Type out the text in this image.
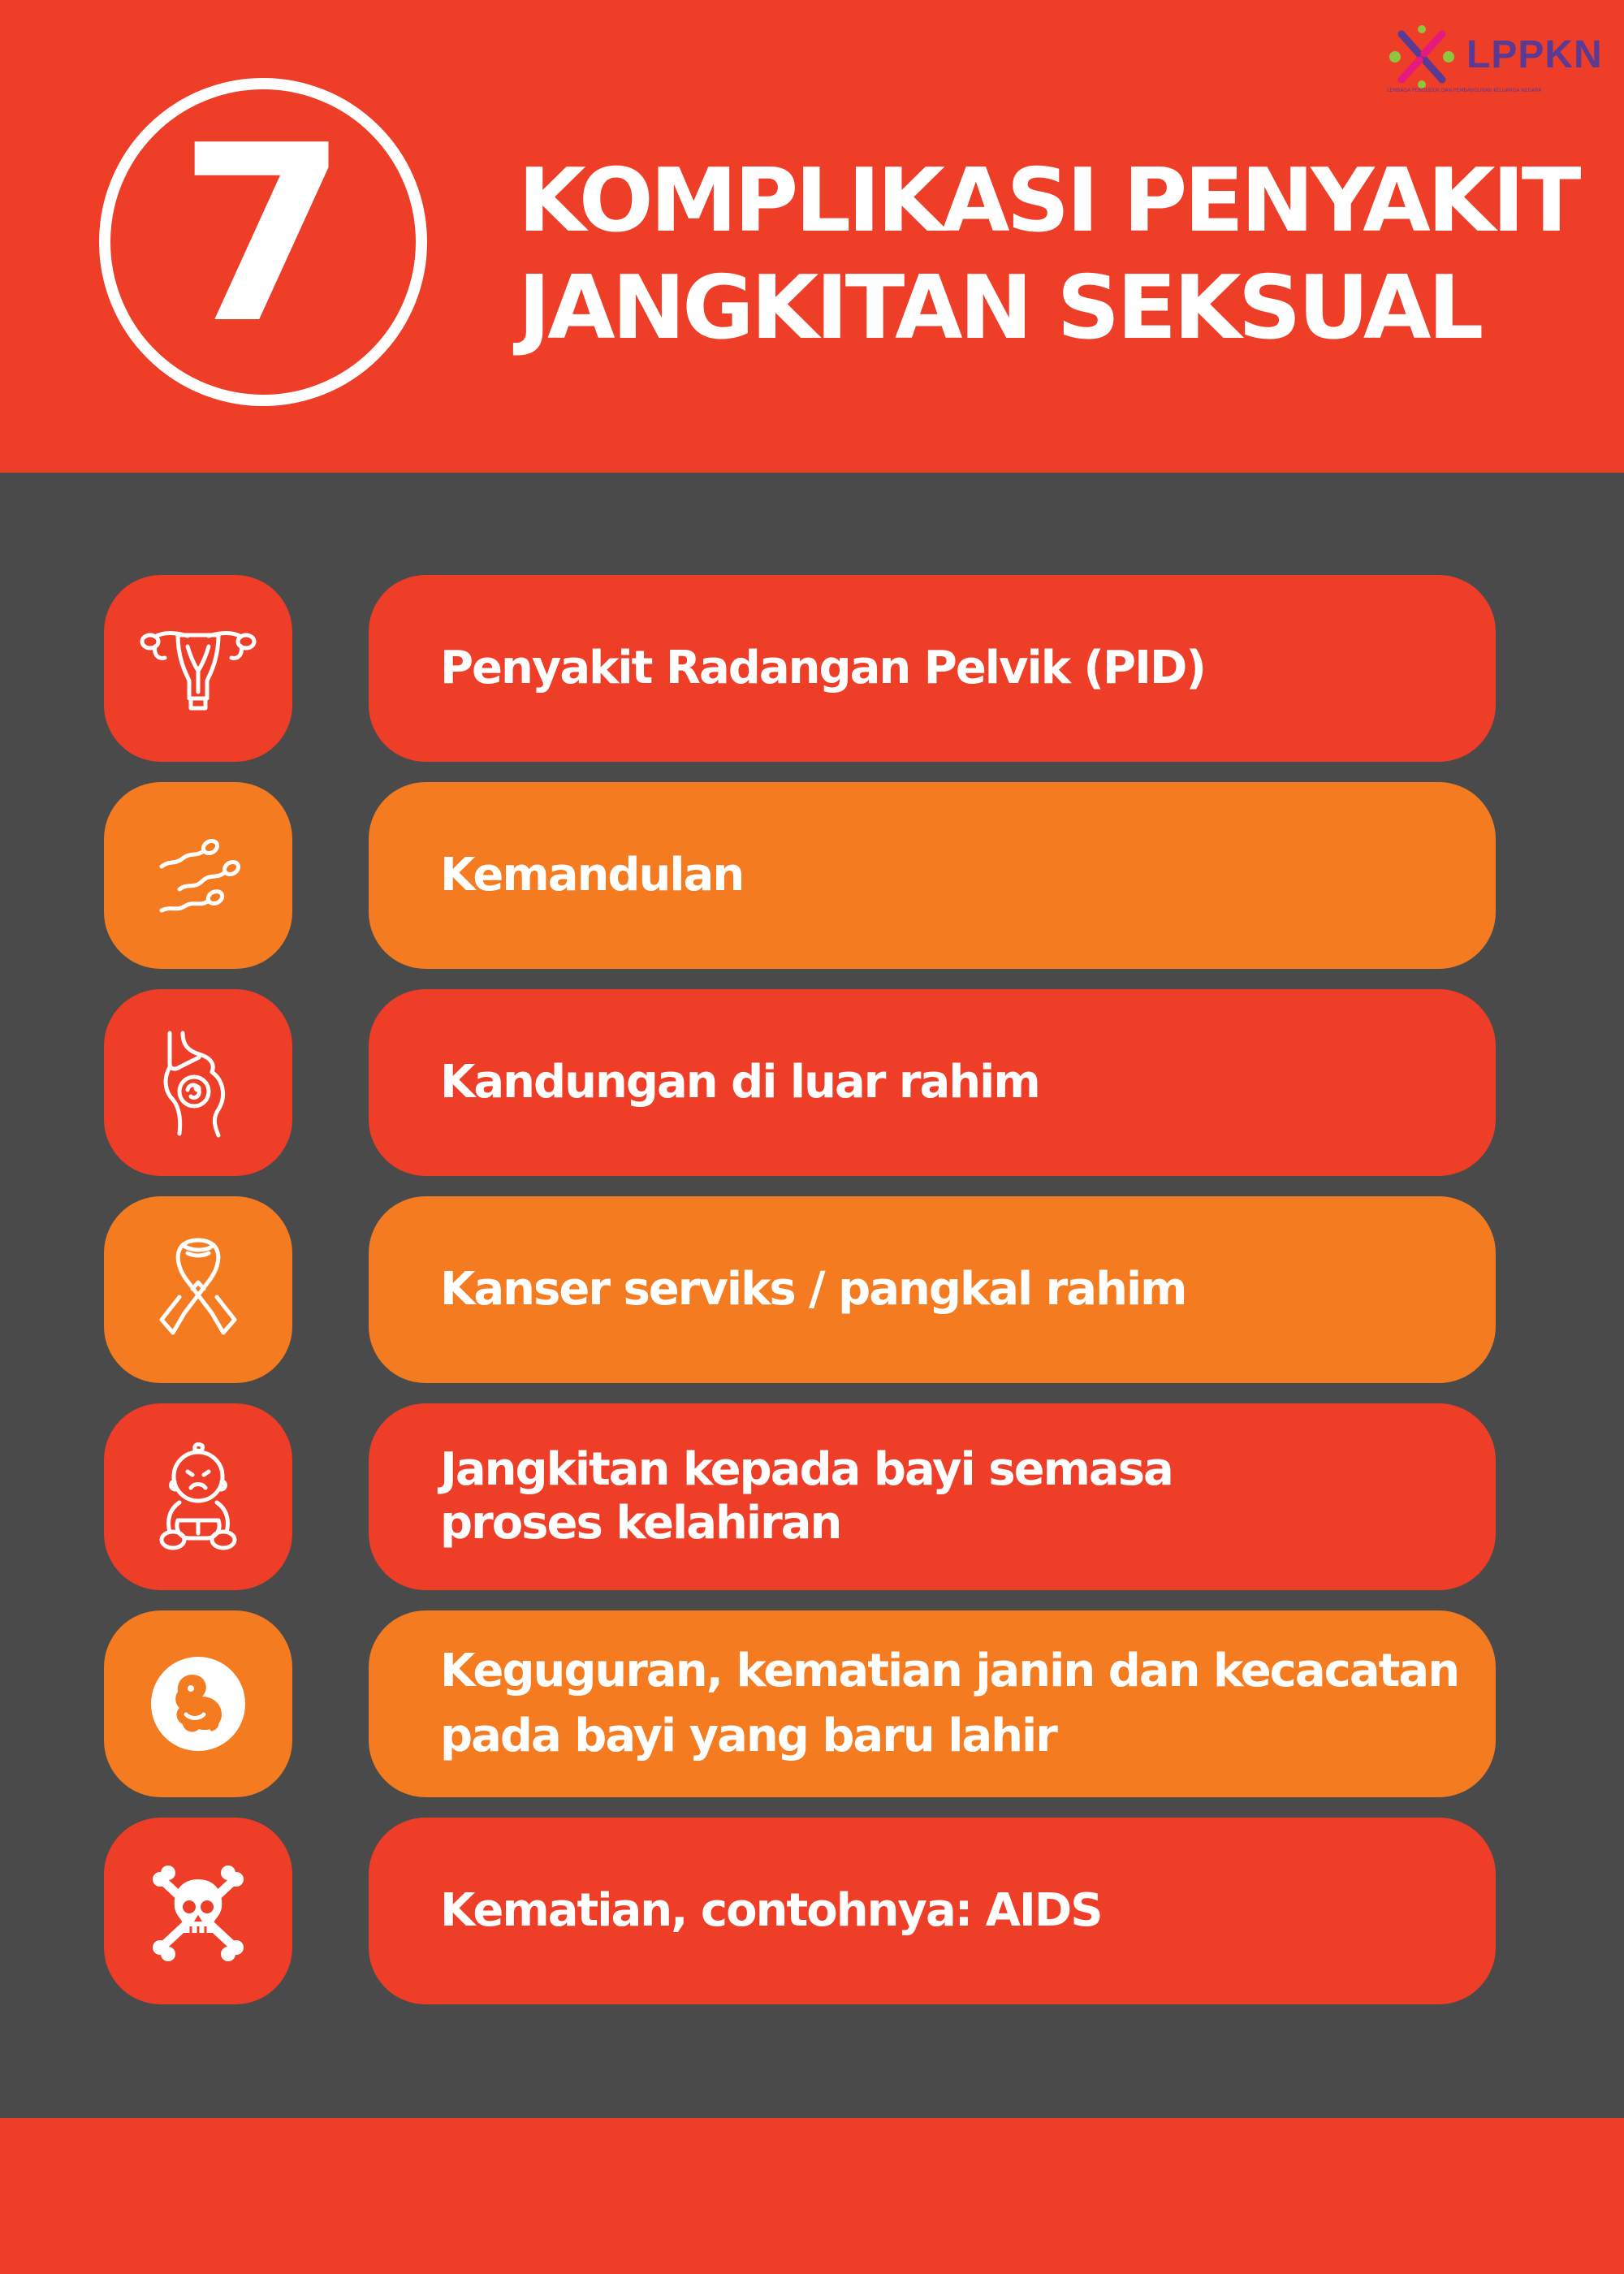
7 KOMPLIKASI PENYAKIT
JANGKITAN SEKSUAL
LPPKN
LEMBAGA PENDUDUK DAN PEMBANGUNAN KELUARGA NEGARA
Penyakit Radangan Pelvik (PID)
Kemandulan
Kandungan di luar rahim
Kanser serviks / pangkal rahim
Jangkitan kepada bayi semasa
proses kelahiran
Keguguran, kematian janin dan kecacatan
pada bayi yang baru lahir
Kematian, contohnya: AIDS
